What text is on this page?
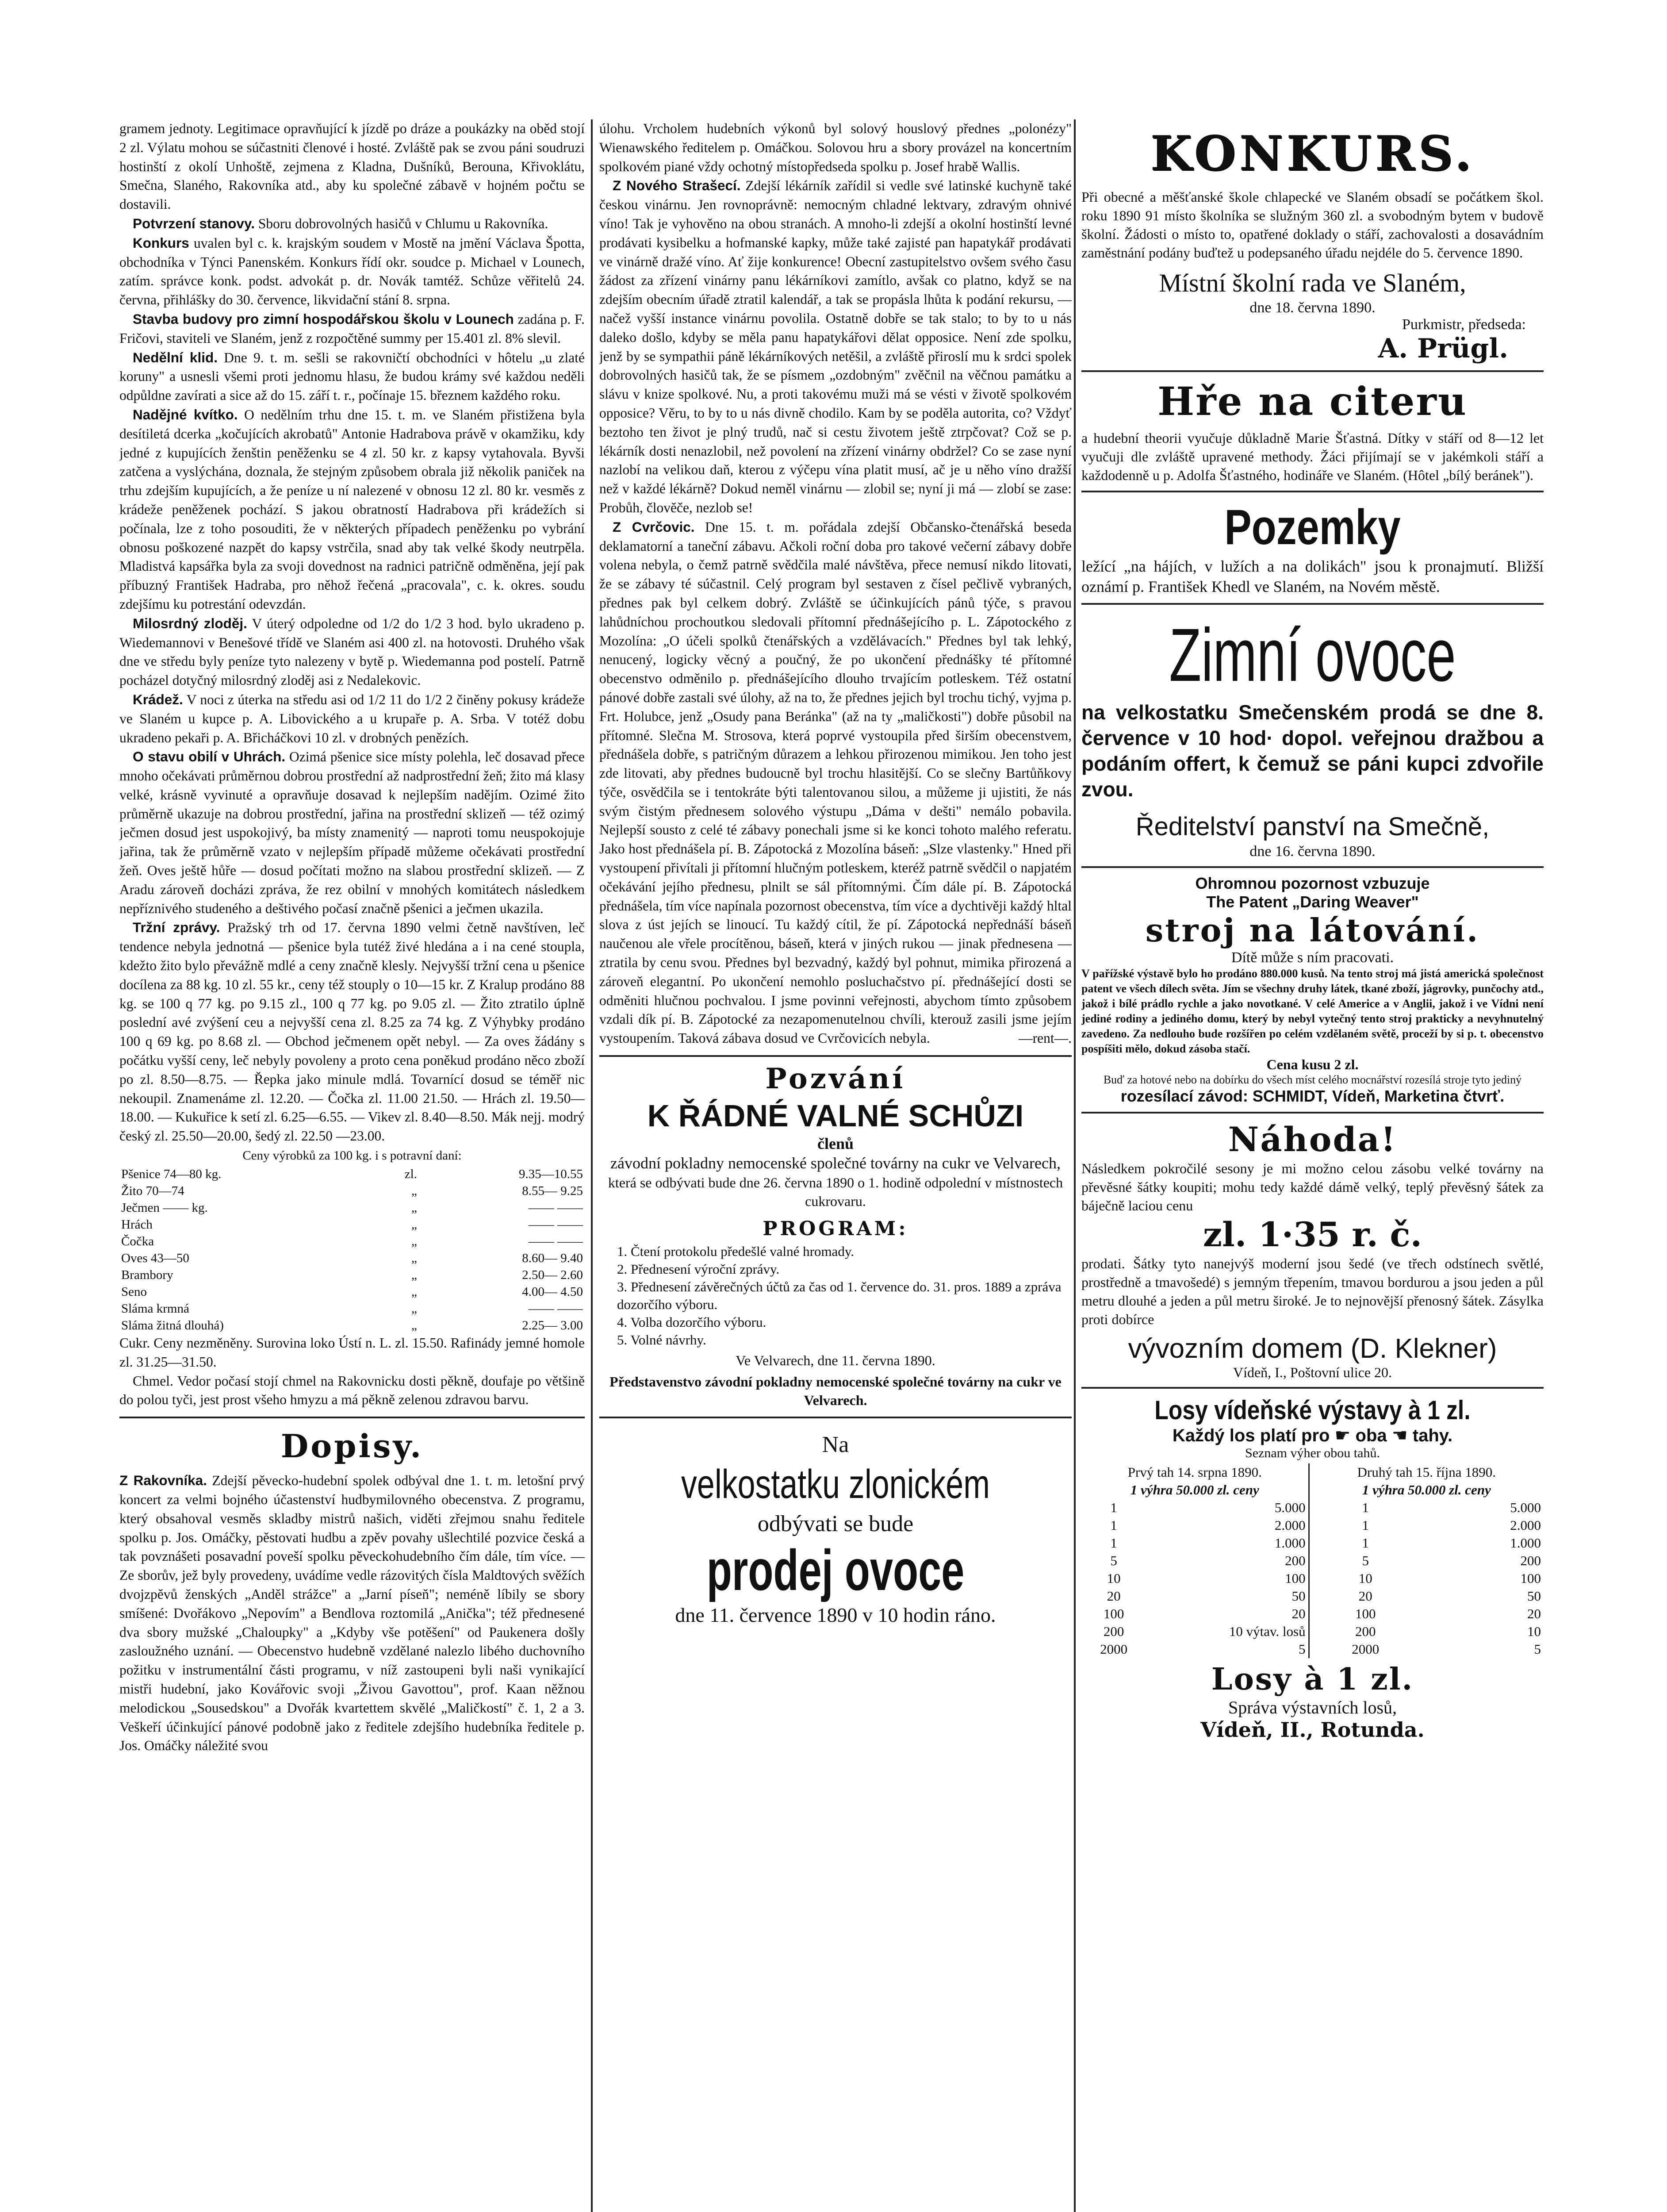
gramem jednoty. Legitimace opravňující k jízdě po dráze a poukázky na oběd stojí 2 zl. Výlatu mohou se súčastniti členové i hosté. Zvláště pak se zvou páni soudruzi hostinští z okolí Unhoště, zejmena z Kladna, Dušníků, Berouna, Křivoklátu, Smečna, Slaného, Rakovníka atd., aby ku společné zábavě v hojném počtu se dostavili.

Potvrzení stanovy. Sboru dobrovolných hasičů v Chlumu u Rakovníka.

Konkurs uvalen byl c. k. krajským soudem v Mostě na jmění Václava Špotta, obchodníka v Týnci Panenském. Konkurs řídí okr. soudce p. Michael v Lounech, zatím. správce konk. podst. advokát p. dr. Novák tamtéž. Schůze věřitelů 24. června, přihlášky do 30. července, likvidační stání 8. srpna.

Stavba budovy pro zimní hospodářskou školu v Lounech zadána p. F. Fričovi, staviteli ve Slaném, jenž z rozpočtěné summy per 15.401 zl. 8% slevil.

Nedělní klid. Dne 9. t. m. sešli se rakovničtí obchodníci v hôtelu „u zlaté koruny" a usnesli všemi proti jednomu hlasu, že budou krámy své každou neděli odpůldne zavírati a sice až do 15. září t. r., počínaje 15. březnem každého roku.

Nadějné kvítko. O nedělním trhu dne 15. t. m. ve Slaném přistižena byla desítiletá dcerka „kočujících akrobatů" Antonie Hadrabova právě v okamžiku, kdy jedné z kupujících ženštin peněženku se 4 zl. 50 kr. z kapsy vytahovala. Byvši zatčena a vyslýchána, doznala, že stejným způsobem obrala již několik paniček na trhu zdejším kupujících, a že peníze u ní nalezené v obnosu 12 zl. 80 kr. vesměs z krádeže peněženek pochází. S jakou obratností Hadrabova při krádežích si počínala, lze z toho posouditi, že v některých případech peněženku po vybrání obnosu poškozené nazpět do kapsy vstrčila, snad aby tak velké škody neutrpěla. Mladistvá kapsářka byla za svoji dovednost na radnici patričně odměněna, její pak příbuzný František Hadraba, pro něhož řečená „pracovala", c. k. okres. soudu zdejšímu ku potrestání odevzdán.

Milosrdný zloděj. V úterý odpoledne od 1/2 do 1/2 3 hod. bylo ukradeno p. Wiedemannovi v Benešové třídě ve Slaném asi 400 zl. na hotovosti. Druhého však dne ve středu byly peníze tyto nalezeny v bytě p. Wiedemanna pod postelí. Patrně pocházel dotyčný milosrdný zloděj asi z Nedalekovic.

Krádež. V noci z úterka na středu asi od 1/2 11 do 1/2 2 činěny pokusy krádeže ve Slaném u kupce p. A. Libovického a u krupaře p. A. Srba. V totéž dobu ukradeno pekaři p. A. Břicháčkovi 10 zl. v drobných penězích.

O stavu obilí v Uhrách. Ozimá pšenice sice místy polehla, leč dosavad přece mnoho očekávati průměrnou dobrou prostřední až nadprostřední žeň; žito má klasy velké, krásně vyvinuté a opravňuje dosavad k nejlepším nadějím. Ozimé žito průměrně ukazuje na dobrou prostřední, jařina na prostřední sklizeň — též ozimý ječmen dosud jest uspokojivý, ba místy znamenitý — naproti tomu neuspokojuje jařina, tak že průměrně vzato v nejlepším případě můžeme očekávati prostřední žeň. Oves ještě hůře — dosud počítati možno na slabou prostřední sklizeň. — Z Aradu zároveň docházi zpráva, že rez obilní v mnohých komitátech následkem nepříznivého studeného a deštivého počasí značně pšenici a ječmen ukazila.

Tržní zprávy. Pražský trh od 17. června 1890 velmi četně navštíven, leč tendence nebyla jednotná — pšenice byla tutéž živé hledána a i na cené stoupla, kdežto žito bylo převážně mdlé a ceny značně klesly. Nejvyšší tržní cena u pšenice docílena za 88 kg. 10 zl. 55 kr., ceny též stouply o 10—15 kr. Z Kralup prodáno 88 kg. se 100 q 77 kg. po 9.15 zl., 100 q 77 kg. po 9.05 zl. — Žito ztratilo úplně poslední avé zvýšení ceu a nejvyšší cena zl. 8.25 za 74 kg. Z Výhybky prodáno 100 q 69 kg. po 8.68 zl. — Obchod ječmenem opět nebyl. — Za oves žádány s počátku vyšší ceny, leč nebyly povoleny a proto cena poněkud prodáno něco zboží po zl. 8.50—8.75. — Řepka jako minule mdlá. Tovarnící dosud se téměř nic nekoupil. Znamenáme zl. 12.20. — Čočka zl. 11.00 21.50. — Hrách zl. 19.50—18.00. — Kukuřice k setí zl. 6.25—6.55. — Vikev zl. 8.40—8.50. Mák nejj. modrý český zl. 25.50—20.00, šedý zl. 22.50 —23.00.

Ceny výrobků za 100 kg. i s potravní daní:
Pšenice 74—80 kg.	zl.	9.35—10.55
Žito 70—74	„	8.55— 9.25
Ječmen —— kg.	„	—— ——
Hrách	„	—— ——
Čočka	„	—— ——
Oves 43—50	„	8.60— 9.40
Brambory	„	2.50— 2.60
Seno	„	4.00— 4.50
Sláma krmná	„	—— ——
Sláma žitná dlouhá)	„	2.25— 3.00

Cukr. Ceny nezměněny. Surovina loko Ústí n. L. zl. 15.50. Rafinády jemné homole zl. 31.25—31.50.

Chmel. Vedor počasí stojí chmel na Rakovnicku dosti pěkně, doufaje po většině do polou tyči, jest prost všeho hmyzu a má pěkně zelenou zdravou barvu.

Dopisy.

Z Rakovníka. Zdejší pěvecko-hudební spolek odbýval dne 1. t. m. letošní prvý koncert za velmi bojného účastenství hudbymilovného obecenstva. Z programu, který obsahoval vesměs skladby mistrů našich, viděti zřejmou snahu ředitele spolku p. Jos. Omáčky, pěstovati hudbu a zpěv povahy ušlechtilé pozvice česká a tak povznášeti posavadní poveší spolku pěveckohudebního čím dále, tím více. — Ze sborův, jež byly provedeny, uvádíme vedle rázovitých čísla Maldtových svěžích dvojzpěvů ženských „Anděl strážce" a „Jarní píseň"; neméně líbily se sbory smíšené: Dvořákovo „Nepovím" a Bendlova roztomilá „Anička"; též přednesené dva sbory mužské „Chaloupky" a „Kdyby vše potěšení" od Paukenera došly zasloužného uznání. — Obecenstvo hudebně vzdělané nalezlo libého duchovního požitku v instrumentální části programu, v níž zastoupeni byli naši vynikající mistři hudební, jako Kovářovic svoji „Živou Gavottou", prof. Kaan něžnou melodickou „Sousedskou" a Dvořák kvartettem skvělé „Maličkostí" č. 1, 2 a 3. Veškeří účinkující pánové podobně jako z ředitele zdejšího hudebníka ředitele p. Jos. Omáčky náležité svou

úlohu. Vrcholem hudebních výkonů byl solový houslový přednes „polonézy" Wienawského ředitelem p. Omáčkou. Solovou hru a sbory provázel na koncertním spolkovém piané vždy ochotný místopředseda spolku p. Josef hrabě Wallis.

Z Nového Strašecí. Zdejší lékárník zařídil si vedle své latinské kuchyně také českou vinárnu. Jen rovnoprávně: nemocným chladné lektvary, zdravým ohnivé víno! Tak je vyhověno na obou stranách. A mnoho-li zdejší a okolní hostinští levné prodávati kysibelku a hofmanské kapky, může také zajisté pan hapatykář prodávati ve vinárně dražé víno. Ať žije konkurence! Obecní zastupitelstvo ovšem svého času žádost za zřízení vinárny panu lékárníkovi zamítlo, avšak co platno, když se na zdejším obecním úřadě ztratil kalendář, a tak se propásla lhůta k podání rekursu, — načež vyšší instance vinárnu povolila. Ostatně dobře se tak stalo; to by to u nás daleko došlo, kdyby se měla panu hapatykářovi dělat opposice. Není zde spolku, jenž by se sympathii páně lékárníkových netěšil, a zvláště přiroslí mu k srdci spolek dobrovolných hasičů tak, že se písmem „ozdobným" zvěčnil na věčnou památku a slávu v knize spolkové. Nu, a proti takovému muži má se vésti v životě spolkovém opposice? Věru, to by to u nás divně chodilo. Kam by se poděla autorita, co? Vždyť beztoho ten život je plný trudů, nač si cestu životem ještě ztrpčovat? Což se p. lékárník dosti nenazlobil, než povolení na zřízení vinárny obdržel? Co se zase nyní nazlobí na velikou daň, kterou z výčepu vína platit musí, ač je u něho víno dražší než v každé lékárně? Dokud neměl vinárnu — zlobil se; nyní ji má — zlobí se zase: Probůh, člověče, nezlob se!

Z Cvrčovic. Dne 15. t. m. pořádala zdejší Občansko-čtenářská beseda deklamatorní a taneční zábavu. Ačkoli roční doba pro takové večerní zábavy dobře volena nebyla, o čemž patrně svědčila malé návštěva, přece nemusí nikdo litovati, že se zábavy té súčastnil. Celý program byl sestaven z čísel pečlivě vybraných, přednes pak byl celkem dobrý. Zvláště se účinkujících pánů týče, s pravou lahůdníchou prochoutkou sledovali přítomní přednášejícího p. L. Zápotockého z Mozolína: „O účeli spolků čtenářských a vzdělávacích." Přednes byl tak lehký, nenucený, logicky věcný a poučný, že po ukončení přednášky té přítomné obecenstvo odměnilo p. přednášejícího dlouho trvajícím potleskem. Též ostatní pánové dobře zastali své úlohy, až na to, že přednes jejich byl trochu tichý, vyjma p. Frt. Holubce, jenž „Osudy pana Beránka" (až na ty „maličkosti") dobře působil na přítomné. Slečna M. Strosova, která poprvé vystoupila před širším obecenstvem, přednášela dobře, s patričným důrazem a lehkou přirozenou mimikou. Jen toho jest zde litovati, aby přednes budoucně byl trochu hlasitější. Co se slečny Bartůňkovy týče, osvědčila se i tentokráte býti talentovanou silou, a můžeme ji ujistiti, že nás svým čistým přednesem solového výstupu „Dáma v dešti" nemálo pobavila. Nejlepší sousto z celé té zábavy ponechali jsme si ke konci tohoto malého referatu. Jako host přednášela pí. B. Zápotocká z Mozolína báseň: „Slze vlastenky." Hned při vystoupení přivítali ji přítomní hlučným potleskem, kteréž patrně svědčil o napjatém očekávání jejího přednesu, plnilt se sál přítomnými. Čím dále pí. B. Zápotocká přednášela, tím více napínala pozornost obecenstva, tím více a dychtivěji každý hltal slova z úst jejích se linoucí. Tu každý cítil, že pí. Zápotocká nepřednáší báseň naučenou ale vřele procítěnou, báseň, která v jiných rukou — jinak přednesena — ztratila by cenu svou. Přednes byl bezvadný, každý byl pohnut, mimika přirozená a zároveň elegantní. Po ukončení nemohlo posluchačstvo pí. přednášející dosti se odměniti hlučnou pochvalou. I jsme povinni veřejnosti, abychom tímto způsobem vzdali dík pí. B. Zápotocké za nezapomenutelnou chvíli, kterouž zasili jsme jejím vystoupením. Taková zábava dosud ve Cvrčovicích nebyla.	—rent—.

Pozvání
K ŘÁDNÉ VALNÉ SCHŮZI
členů
závodní pokladny nemocenské společné továrny na cukr ve Velvarech,
která se odbývati bude dne 26. června 1890 o 1. hodině odpolední v místnostech cukrovaru.
PROGRAM:
1. Čtení protokolu předešlé valné hromady.
2. Přednesení výroční zprávy.
3. Přednesení závěrečných účtů za čas od 1. července do. 31. pros. 1889 a zpráva dozorčího výboru.
4. Volba dozorčího výboru.
5. Volné návrhy.
Ve Velvarech, dne 11. června 1890.
Představenstvo závodní pokladny nemocenské společné továrny na cukr ve Velvarech.
Na
velkostatku zlonickém
odbývati se bude
prodej ovoce
dne 11. července 1890 v 10 hodin ráno.
KONKURS.

Při obecné a měšťanské škole chlapecké ve Slaném obsadí se počátkem škol. roku 1890 91 místo školníka se služným 360 zl. a svobodným bytem v budově školní. Žádosti o místo to, opatřené doklady o stáří, zachovalosti a dosavádním zaměstnání podány buďtež u podepsaného úřadu nejdéle do 5. července 1890.

Místní školní rada ve Slaném,
dne 18. června 1890.
Purkmistr, předseda:
A. Prügl.
Hře na citeru

a hudební theorii vyučuje důkladně Marie Šťastná. Dítky v stáří od 8—12 let vyučuji dle zvláště upravené methody. Žáci přijímají se v jakémkoli stáří a každodenně u p. Adolfa Šťastného, hodináře ve Slaném. (Hôtel „bílý beránek").

Pozemky

ležící „na hájích, v lužích a na dolikách" jsou k pronajmutí. Bližší oznámí p. František Khedl ve Slaném, na Novém městě.

Zimní ovoce

na velkostatku Smečenském prodá se dne 8. července v 10 hod· dopol. veřejnou dražbou a podáním offert, k čemuž se páni kupci zdvořile zvou.

Ředitelství panství na Smečně,
dne 16. června 1890.
Ohromnou pozornost vzbuzuje
The Patent „Daring Weaver"
stroj na látování.
Dítě může s ním pracovati.

V pařížské výstavě bylo ho prodáno 880.000 kusů. Na tento stroj má jistá americká společnost patent ve všech dílech světa. Jím se všechny druhy látek, tkané zboží, jágrovky, punčochy atd., jakož i bílé prádlo rychle a jako novotkané. V celé Americe a v Anglii, jakož i ve Vídni není jediné rodiny a jediného domu, který by nebyl vytečný tento stroj prakticky a nevyhnutelný zavedeno. Za nedlouho bude rozšířen po celém vzdělaném světě, proceží by si p. t. obecenstvo pospíšiti mělo, dokud zásoba stačí.

Cena kusu 2 zl.
Buď za hotové nebo na dobírku do všech míst celého mocnářství rozesílá stroje tyto jediný
rozesílací závod: SCHMIDT, Vídeň, Marketina čtvrť.
Náhoda!

Následkem pokročilé sesony je mi možno celou zásobu velké továrny na převěsné šátky koupiti; mohu tedy každé dámě velký, teplý převěsný šátek za báječně laciou cenu

zl. 1·35 r. č.

prodati. Šátky tyto nanejvýš moderní jsou šedé (ve třech odstínech světlé, prostředně a tmavošedé) s jemným třepením, tmavou bordurou a jsou jeden a půl metru dlouhé a jeden a půl metru široké. Je to nejnovější přenosný šátek. Zásylka proti dobírce

vývozním domem (D. Klekner)
Vídeň, I., Poštovní ulice 20.
Losy vídeňské výstavy à 1 zl.
Každý los platí pro ☛ oba ☚ tahy.
Seznam výher obou tahů.
Prvý tah 14. srpna 1890.		Druhý tah 15. října 1890.	
1 výhra 50.000 zl. ceny		1 výhra 50.000 zl. ceny	
1	5.000	1	5.000
1	2.000	1	2.000
1	1.000	1	1.000
5	200	5	200
10	100	10	100
20	50	20	50
100	20	100	20
200	10 výtav. losů	200	10
2000	5	2000	5
Losy à 1 zl.
Správa výstavních losů,
Vídeň, II., Rotunda.
